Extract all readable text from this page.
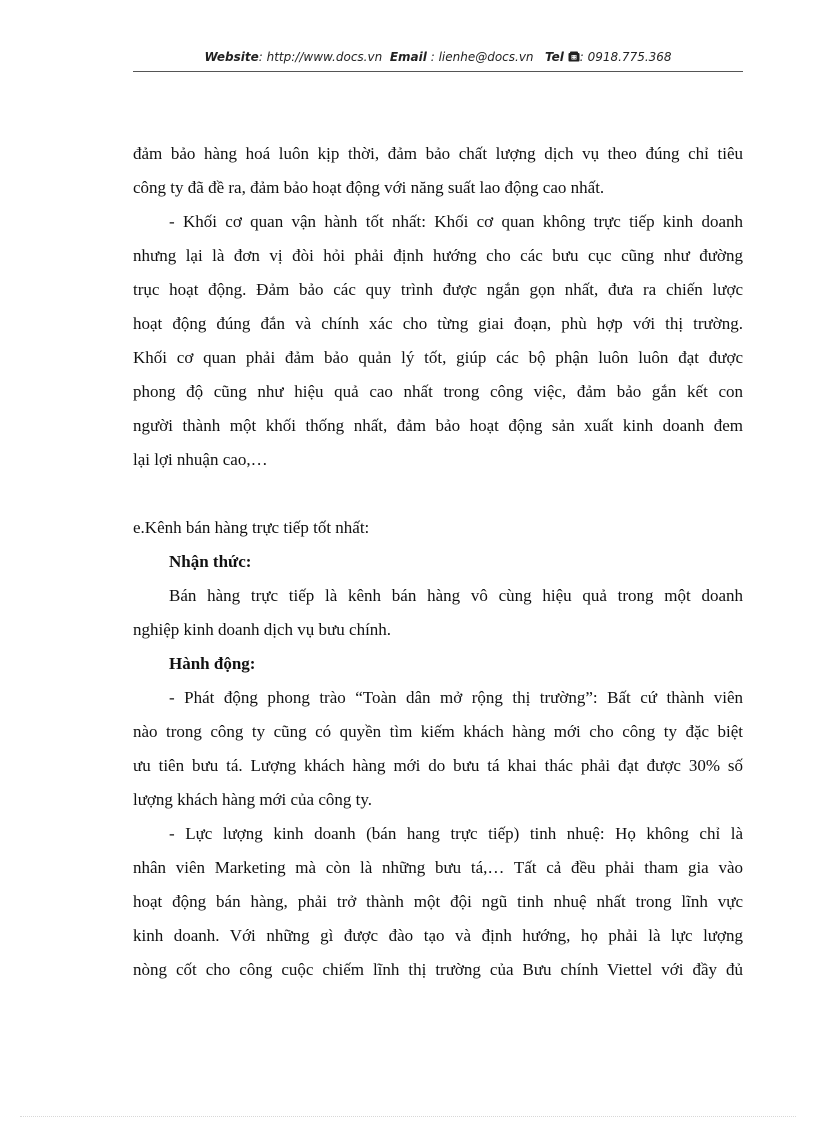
Website: http://www.docs.vn Email : lienhe@docs.vn Tel : 0918.775.368
đảm bảo hàng hoá luôn kịp thời, đảm bảo chất lượng dịch vụ theo đúng chỉ tiêu
công ty đã đề ra, đảm bảo hoạt động với năng suất lao động cao nhất.
- Khối cơ quan vận hành tốt nhất: Khối cơ quan không trực tiếp kinh doanh
nhưng lại là đơn vị đòi hỏi phải định hướng cho các bưu cục cũng như đường
trục hoạt động. Đảm bảo các quy trình được ngắn gọn nhất, đưa ra chiến lược
hoạt động đúng đắn và chính xác cho từng giai đoạn, phù hợp với thị trường.
Khối cơ quan phải đảm bảo quản lý tốt, giúp các bộ phận luôn luôn đạt được
phong độ cũng như hiệu quả cao nhất trong công việc, đảm bảo gắn kết con
người thành một khối thống nhất, đảm bảo hoạt động sản xuất kinh doanh đem
lại lợi nhuận cao,…
e.Kênh bán hàng trực tiếp tốt nhất:
Nhận thức:
Bán hàng trực tiếp là kênh bán hàng vô cùng hiệu quả trong một doanh
nghiệp kinh doanh dịch vụ bưu chính.
Hành động:
- Phát động phong trào “Toàn dân mở rộng thị trường”: Bất cứ thành viên
nào trong công ty cũng có quyền tìm kiếm khách hàng mới cho công ty đặc biệt
ưu tiên bưu tá. Lượng khách hàng mới do bưu tá khai thác phải đạt được 30% số
lượng khách hàng mới của công ty.
- Lực lượng kinh doanh (bán hang trực tiếp) tinh nhuệ: Họ không chỉ là
nhân viên Marketing mà còn là những bưu tá,… Tất cả đều phải tham gia vào
hoạt động bán hàng, phải trở thành một đội ngũ tinh nhuệ nhất trong lĩnh vực
kinh doanh. Với những gì được đào tạo và định hướng, họ phải là lực lượng
nòng cốt cho công cuộc chiếm lĩnh thị trường của Bưu chính Viettel với đầy đủ
